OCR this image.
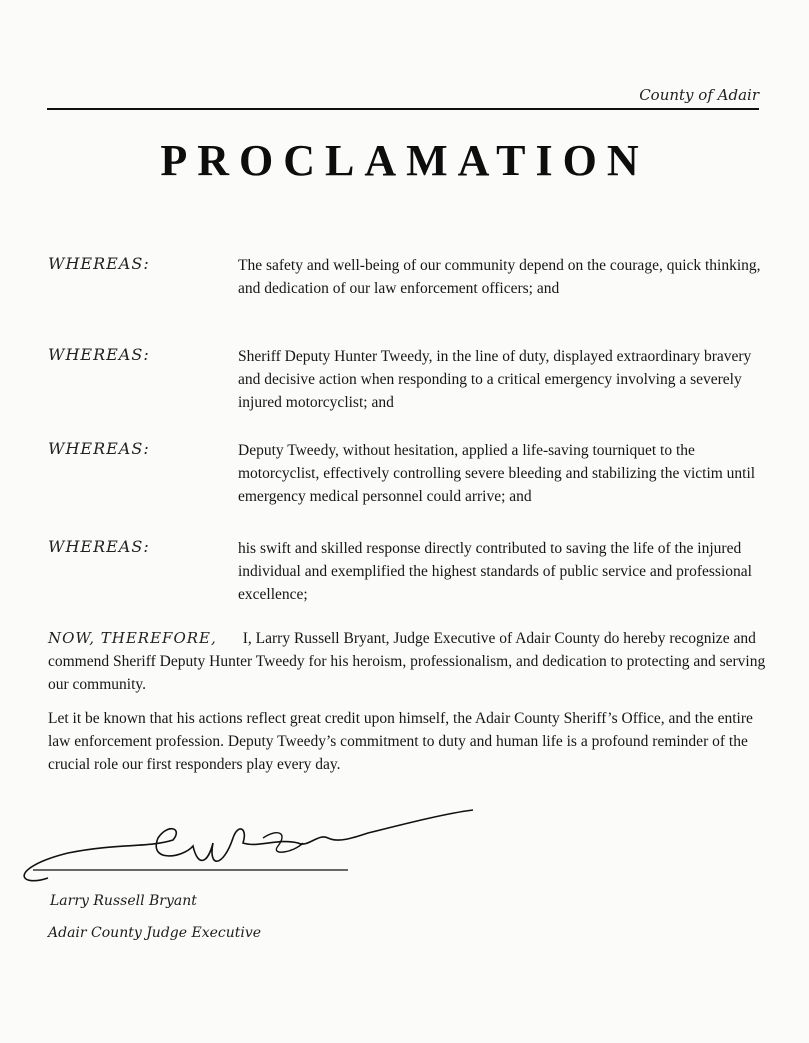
County of Adair
PROCLAMATION
WHEREAS:	The safety and well-being of our community depend on the courage, quick thinking, and dedication of our law enforcement officers; and
WHEREAS:	Sheriff Deputy Hunter Tweedy, in the line of duty, displayed extraordinary bravery and decisive action when responding to a critical emergency involving a severely injured motorcyclist; and
WHEREAS:	Deputy Tweedy, without hesitation, applied a life-saving tourniquet to the motorcyclist, effectively controlling severe bleeding and stabilizing the victim until emergency medical personnel could arrive; and
WHEREAS:	his swift and skilled response directly contributed to saving the life of the injured individual and exemplified the highest standards of public service and professional excellence;
NOW, THEREFORE, I, Larry Russell Bryant, Judge Executive of Adair County do hereby recognize and commend Sheriff Deputy Hunter Tweedy for his heroism, professionalism, and dedication to protecting and serving our community.
Let it be known that his actions reflect great credit upon himself, the Adair County Sheriff’s Office, and the entire law enforcement profession. Deputy Tweedy’s commitment to duty and human life is a profound reminder of the crucial role our first responders play every day.
Larry Russell Bryant
Adair County Judge Executive
